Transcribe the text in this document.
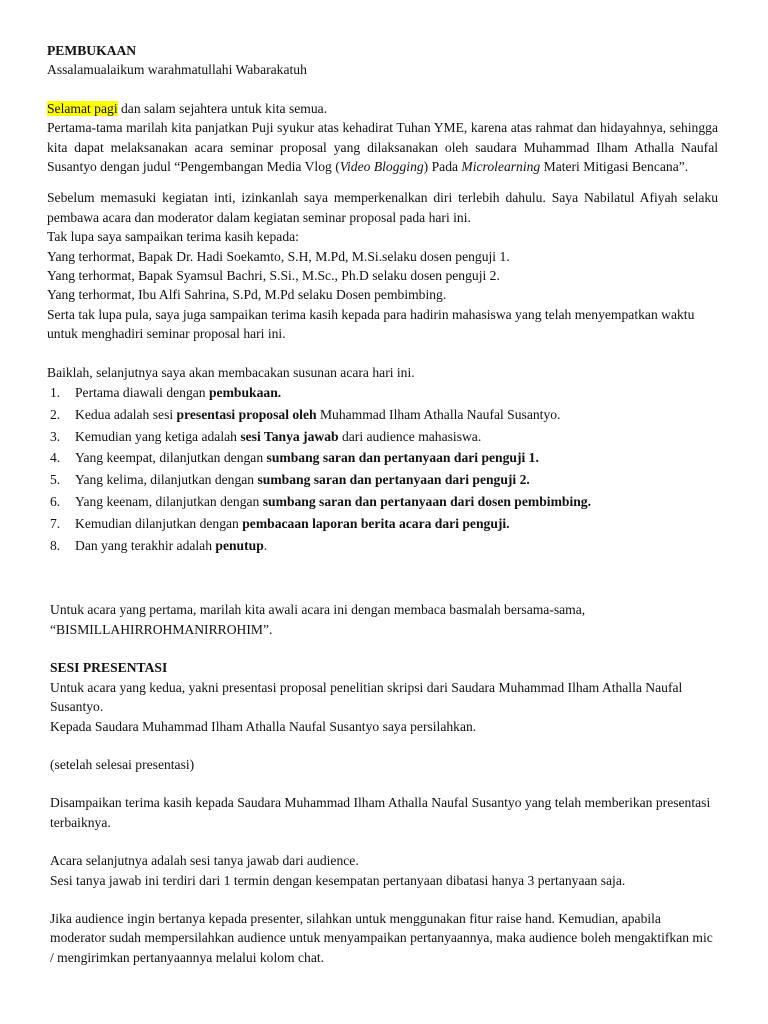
PEMBUKAAN

Assalamualaikum warahmatullahi Wabarakatuh

Selamat pagi dan salam sejahtera untuk kita semua.

Pertama-tama marilah kita panjatkan Puji syukur atas kehadirat Tuhan YME, karena atas rahmat dan hidayahnya, sehingga kita dapat melaksanakan acara seminar proposal yang dilaksanakan oleh saudara Muhammad Ilham Athalla Naufal Susantyo dengan judul “Pengembangan Media Vlog (Video Blogging) Pada Microlearning Materi Mitigasi Bencana”.

Sebelum memasuki kegiatan inti, izinkanlah saya memperkenalkan diri terlebih dahulu. Saya Nabilatul Afiyah selaku pembawa acara dan moderator dalam kegiatan seminar proposal pada hari ini.

Tak lupa saya sampaikan terima kasih kepada:

Yang terhormat, Bapak Dr. Hadi Soekamto, S.H, M.Pd, M.Si.selaku dosen penguji 1.

Yang terhormat, Bapak Syamsul Bachri, S.Si., M.Sc., Ph.D selaku dosen penguji 2.

Yang terhormat, Ibu Alfi Sahrina, S.Pd, M.Pd selaku Dosen pembimbing.

Serta tak lupa pula, saya juga sampaikan terima kasih kepada para hadirin mahasiswa yang telah menyempatkan waktu untuk menghadiri seminar proposal hari ini.

Baiklah, selanjutnya saya akan membacakan susunan acara hari ini.

1. Pertama diawali dengan pembukaan.
2. Kedua adalah sesi presentasi proposal oleh Muhammad Ilham Athalla Naufal Susantyo.
3. Kemudian yang ketiga adalah sesi Tanya jawab dari audience mahasiswa.
4. Yang keempat, dilanjutkan dengan sumbang saran dan pertanyaan dari penguji 1.
5. Yang kelima, dilanjutkan dengan sumbang saran dan pertanyaan dari penguji 2.
6. Yang keenam, dilanjutkan dengan sumbang saran dan pertanyaan dari dosen pembimbing.
7. Kemudian dilanjutkan dengan pembacaan laporan berita acara dari penguji.
8. Dan yang terakhir adalah penutup.

Untuk acara yang pertama, marilah kita awali acara ini dengan membaca basmalah bersama-sama,

“BISMILLAHIRROHMANIRROHIM”.

SESI PRESENTASI

Untuk acara yang kedua, yakni presentasi proposal penelitian skripsi dari Saudara Muhammad Ilham Athalla Naufal Susantyo.

Kepada Saudara Muhammad Ilham Athalla Naufal Susantyo saya persilahkan.

(setelah selesai presentasi)

Disampaikan terima kasih kepada Saudara Muhammad Ilham Athalla Naufal Susantyo yang telah memberikan presentasi terbaiknya.

Acara selanjutnya adalah sesi tanya jawab dari audience.

Sesi tanya jawab ini terdiri dari 1 termin dengan kesempatan pertanyaan dibatasi hanya 3 pertanyaan saja.

Jika audience ingin bertanya kepada presenter, silahkan untuk menggunakan fitur raise hand. Kemudian, apabila moderator sudah mempersilahkan audience untuk menyampaikan pertanyaannya, maka audience boleh mengaktifkan mic / mengirimkan pertanyaannya melalui kolom chat.
